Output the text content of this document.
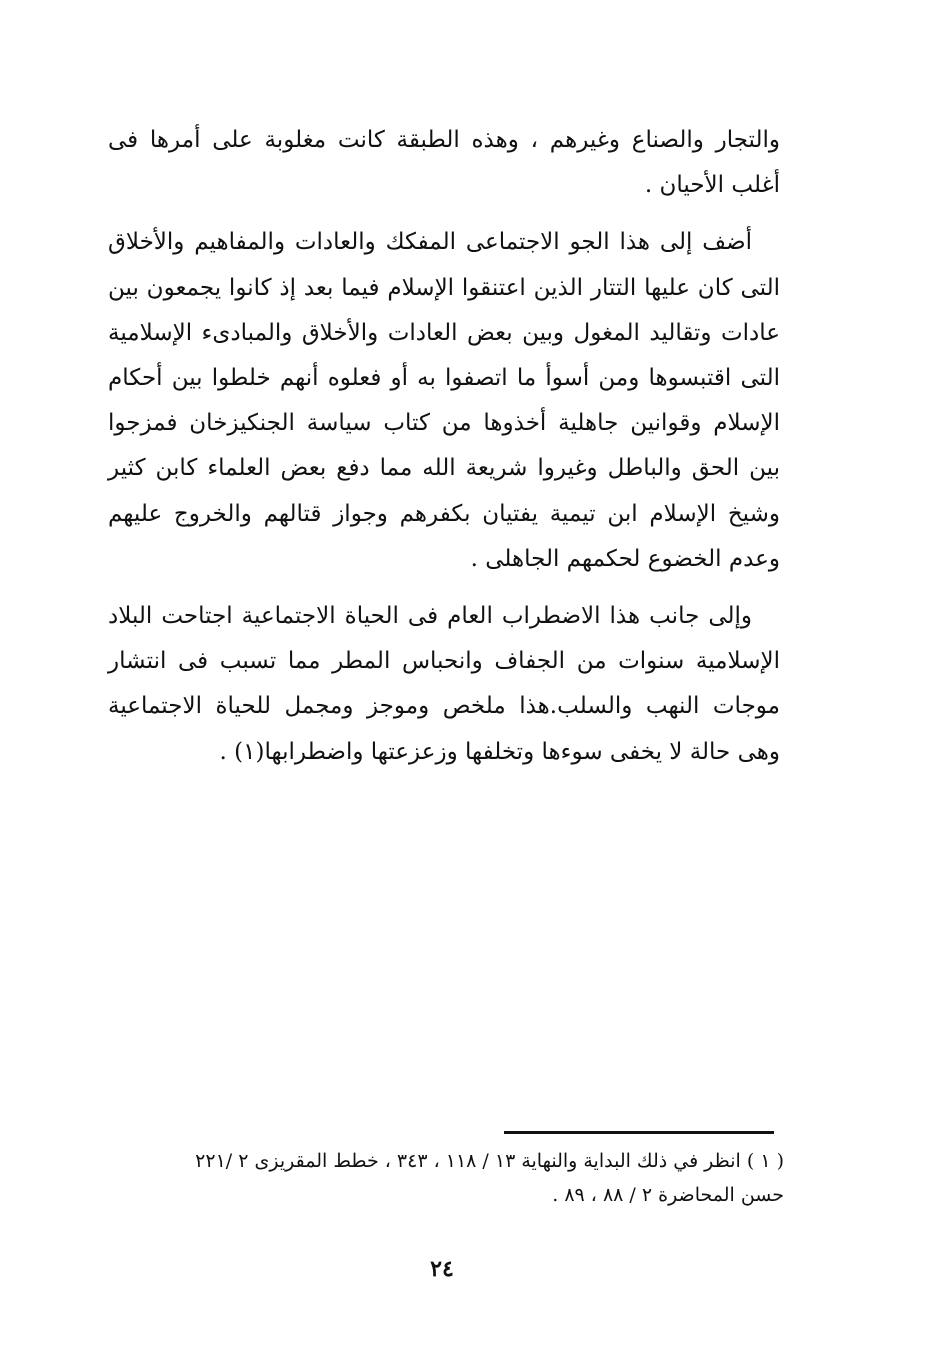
والتجار والصناع وغيرهم ، وهذه الطبقة كانت مغلوبة على أمرها فى أغلب الأحيان .

أضف إلى هذا الجو الاجتماعى المفكك والعادات والمفاهيم والأخلاق التى كان عليها التتار الذين اعتنقوا الإسلام فيما بعد إذ كانوا يجمعون بين عادات وتقاليد المغول وبين بعض العادات والأخلاق والمبادىء الإسلامية التى اقتبسوها ومن أسوأ ما اتصفوا به أو فعلوه أنهم خلطوا بين أحكام الإسلام وقوانين جاهلية أخذوها من كتاب سياسة الجنكيزخان فمزجوا بين الحق والباطل وغيروا شريعة الله مما دفع بعض العلماء كابن كثير وشيخ الإسلام ابن تيمية يفتيان بكفرهم وجواز قتالهم والخروج عليهم وعدم الخضوع لحكمهم الجاهلى .

وإلى جانب هذا الاضطراب العام فى الحياة الاجتماعية اجتاحت البلاد الإسلامية سنوات من الجفاف وانحباس المطر مما تسبب فى انتشار موجات النهب والسلب.هذا ملخص وموجز ومجمل للحياة الاجتماعية وهى حالة لا يخفى سوءها وتخلفها وزعزعتها واضطرابها(١) .

( ١ ) انظر في ذلك البداية والنهاية ١٣ / ١١٨ ، ٣٤٣ ، خطط المقريزى ٢ /٢٢١

حسن المحاضرة ٢ / ٨٨ ، ٨٩ .

٢٤
